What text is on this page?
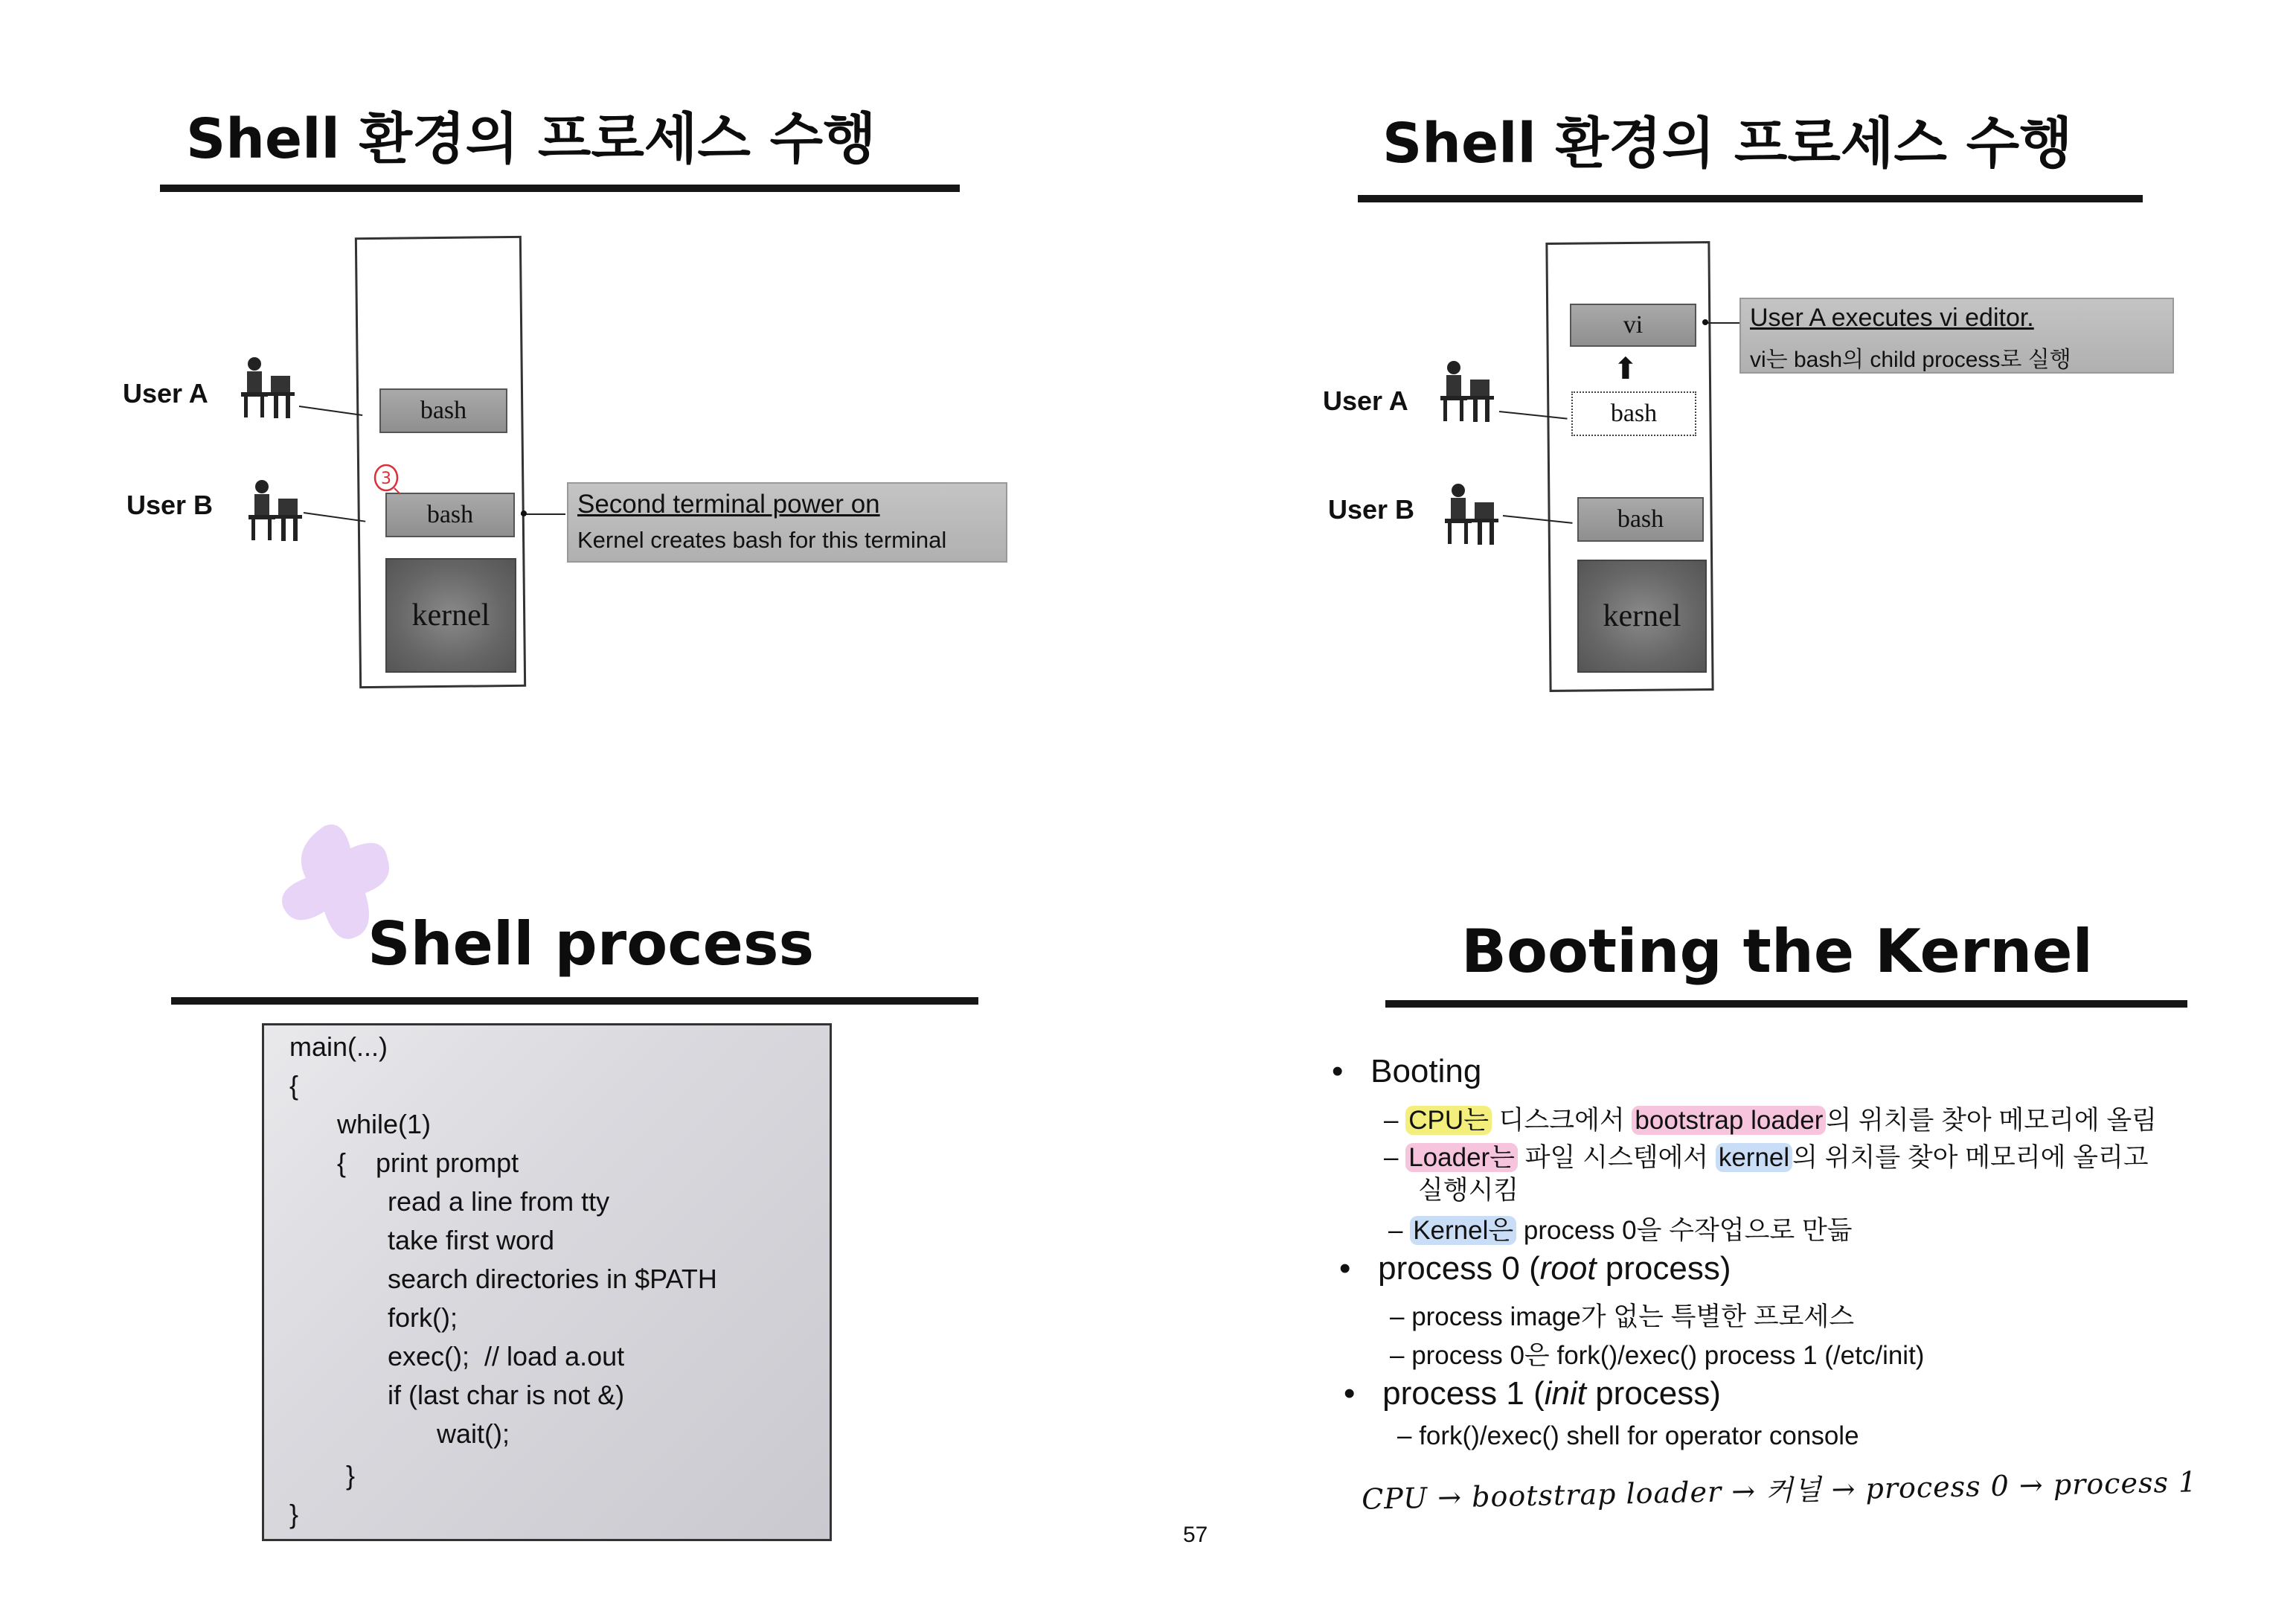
Shell 환경의 프로세스 수행
User A
User B
bash
bash
kernel
3
Second terminal power on
Kernel creates bash for this terminal
Shell 환경의 프로세스 수행
User A
User B
vi
⬆
bash
bash
kernel
User A executes vi editor.
vi는 bash의 child process로 실행
Shell process
main(...)
{
while(1)
{    print prompt
read a line from tty
take first word
search directories in $PATH
fork();
exec();  // load a.out
if (last char is not &)
wait();
}
}
Booting the Kernel
• Booting
– CPU는 디스크에서 bootstrap loader 의 위치를 찾아 메모리에 올림
– Loader는 파일 시스템에서 kernel 의 위치를 찾아 메모리에 올리고
실행시킴
– Kernel은 process 0을 수작업으로 만듦
• process 0 (root process)
– process image가 없는 특별한 프로세스
– process 0은 fork()/exec() process 1 (/etc/init)
• process 1 (init process)
– fork()/exec() shell for operator console
CPU → bootstrap loader → 커널 → process 0 → process 1
57
